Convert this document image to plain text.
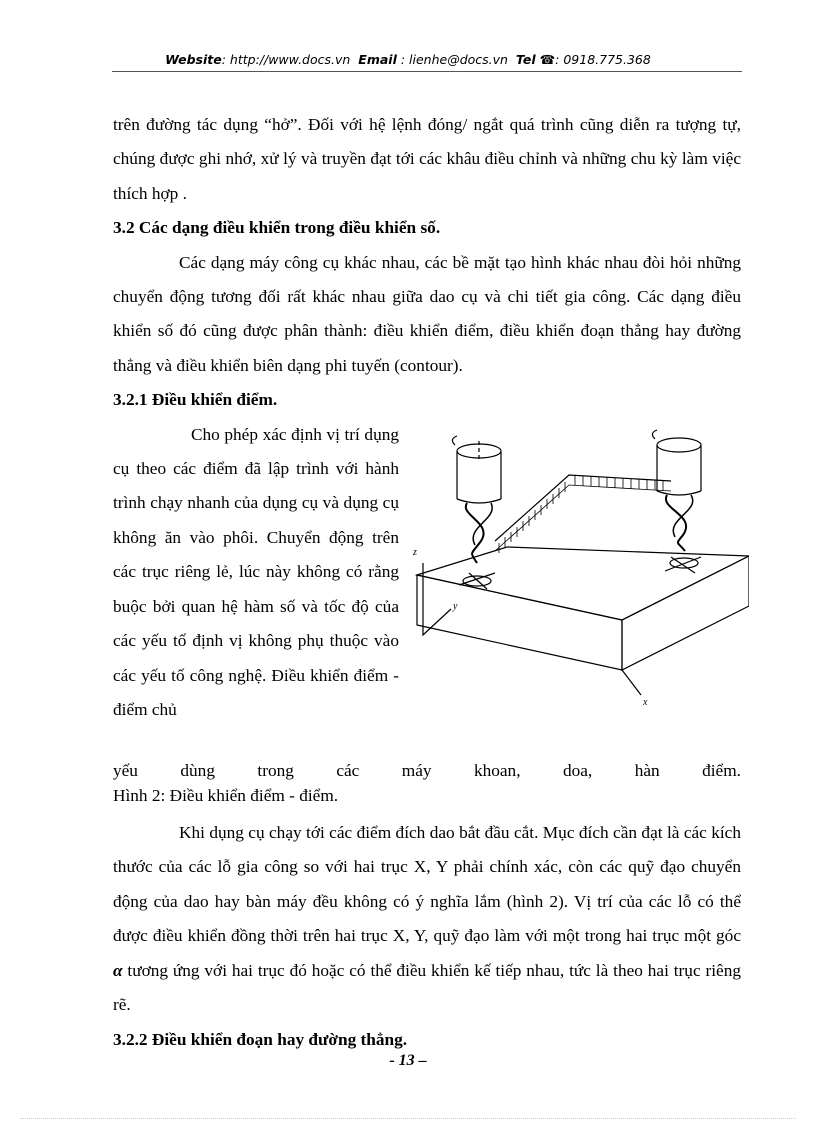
Website: http://www.docs.vn Email : lienhe@docs.vn Tel ☎: 0918.775.368

trên đường tác dụng “hở”. Đối với hệ lệnh đóng/ ngắt quá trình cũng diễn ra tượng tự, chúng được ghi nhớ, xử lý và truyền đạt tới các khâu điều chỉnh và những chu kỳ làm việc thích hợp .

3.2 Các dạng điều khiển trong điều khiển số.

Các dạng máy công cụ khác nhau, các bề mặt tạo hình khác nhau đòi hỏi những chuyển động tương đối rất khác nhau giữa dao cụ và chi tiết gia công. Các dạng điều khiển số đó cũng được phân thành: điều khiển điểm, điều khiển đoạn thẳng hay đường thẳng và điều khiển biên dạng phi tuyến (contour).

3.2.1 Điều khiển điểm.

Cho phép xác định vị trí dụng cụ theo các điểm đã lập trình với hành trình chạy nhanh của dụng cụ và dụng cụ không ăn vào phôi. Chuyển động trên các trục riêng lẻ, lúc này không có rằng buộc bởi quan hệ hàm số và tốc độ của các yếu tố định vị không phụ thuộc vào các yếu tố công nghệ. Điều khiển điểm - điểm chủ

z
y
x
yếu dùng trong các máy khoan, doa, hàn điểm.

Hình 2: Điều khiển điểm - điểm.

Khi dụng cụ chạy tới các điểm đích dao bắt đầu cắt. Mục đích cần đạt là các kích thước của các lỗ gia công so với hai trục X, Y phải chính xác, còn các quỹ đạo chuyển động của dao hay bàn máy đều không có ý nghĩa lắm (hình 2). Vị trí của các lỗ có thể được điều khiển đồng thời trên hai trục X, Y, quỹ đạo làm với một trong hai trục một góc α tương ứng với hai trục đó hoặc có thể điều khiển kế tiếp nhau, tức là theo hai trục riêng rẽ.

3.2.2 Điều khiển đoạn hay đường thẳng.
- 13 –
